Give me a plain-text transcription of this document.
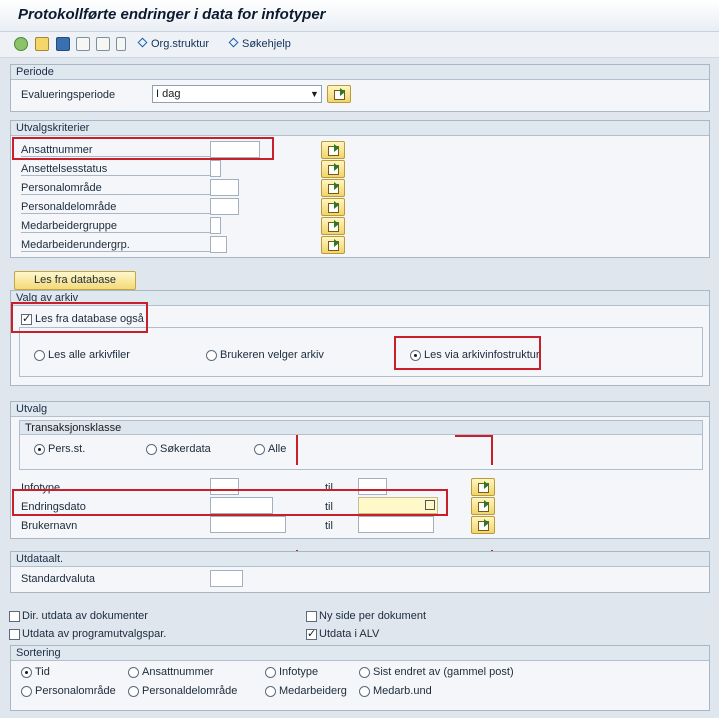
Protokollførte endringer i data for infotyper
Org.struktur	Søkehjelp
Periode
Evalueringsperiode	I dag	▼
Utvalgskriterier
Ansattnummer
Ansettelsesstatus
Personalområde
Personaldelområde
Medarbeidergruppe
Medarbeiderundergrp.
Les fra database
Valg av arkiv
✓
Les fra database også
Les alle arkivfiler	Brukeren velger arkiv	Les via arkivinfostruktur
Utvalg
Transaksjonsklasse
Pers.st.	Søkerdata	Alle
Infotype	til
Endringsdato	til
Brukernavn	til
Utdataalt.
Standardvaluta
Dir. utdata av dokumenter	Ny side per dokument
Utdata av programutvalgspar.
✓	Utdata i ALV
Sortering
Tid	Ansattnummer	Infotype	Sist endret av (gammel post)
Personalområde Personaldelområde	Medarbeiderg Medarb.und
